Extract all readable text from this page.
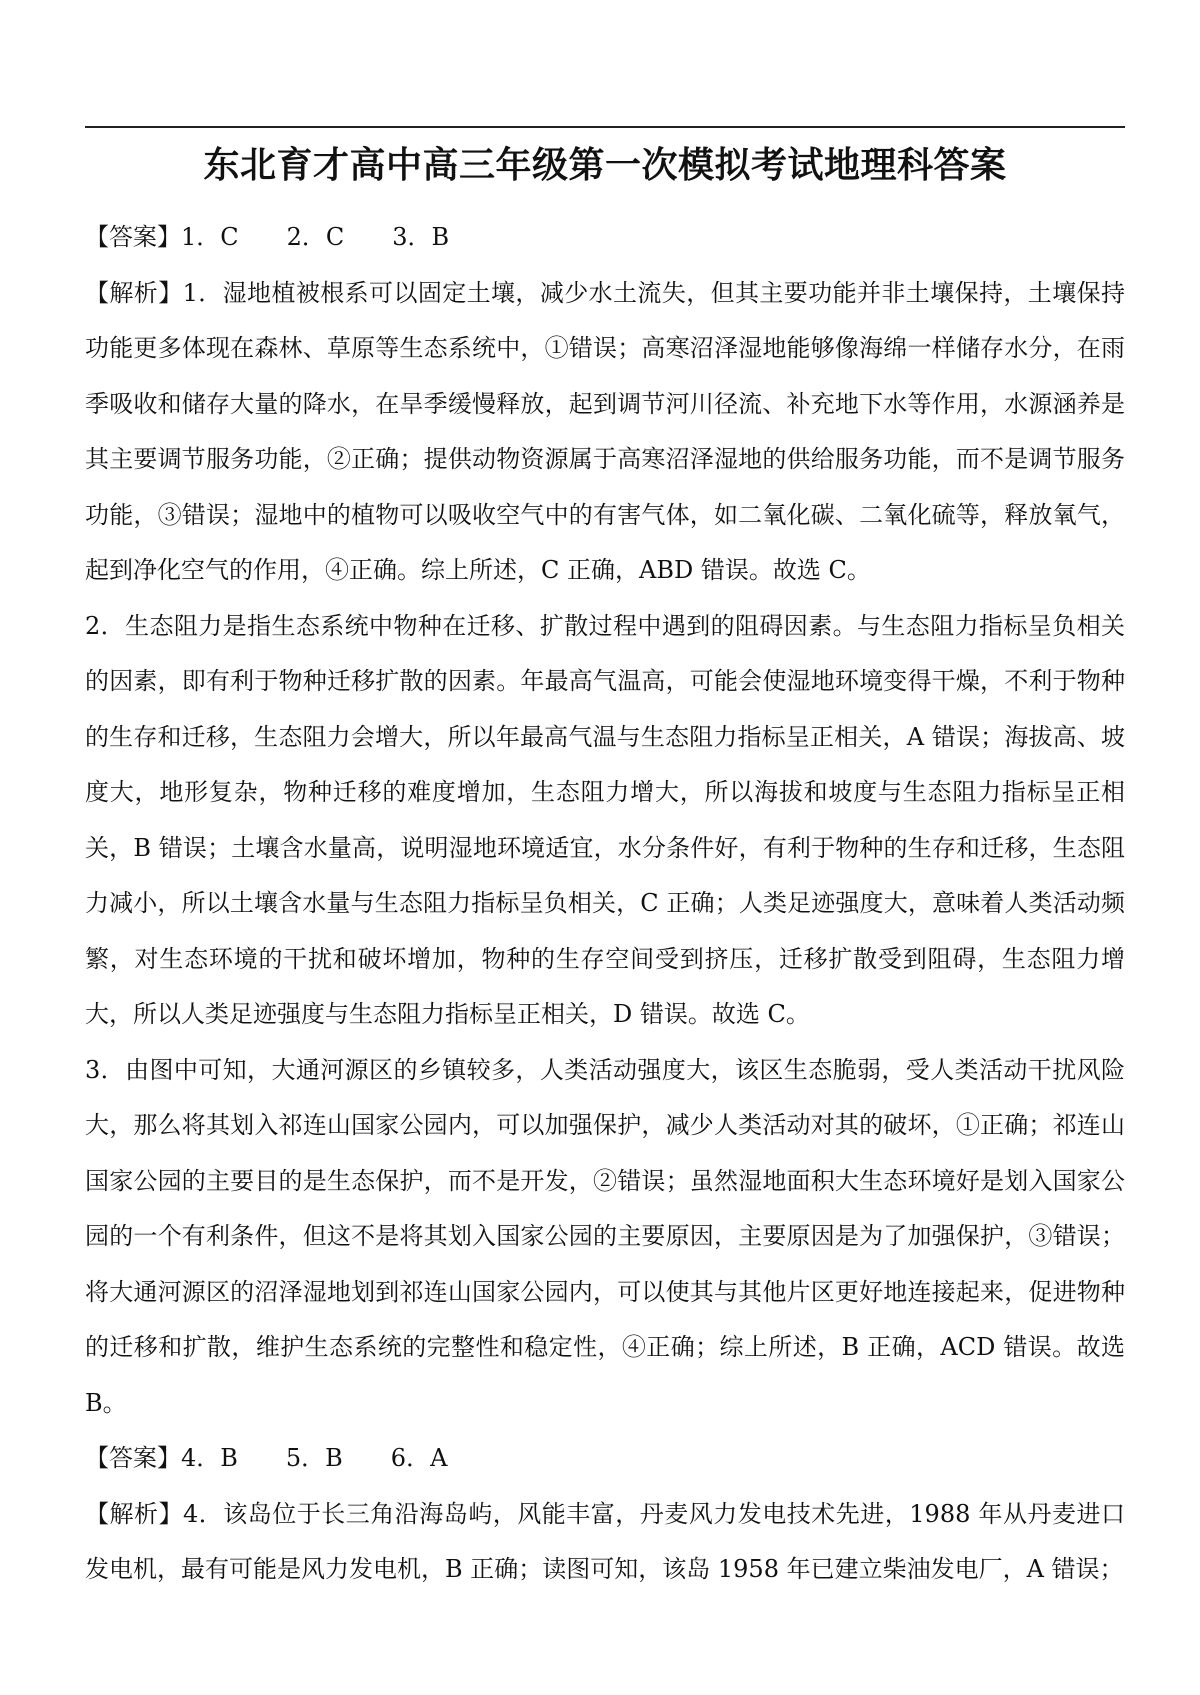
东北育才高中高三年级第一次模拟考试地理科答案

【答案】1．C　　2．C　　3．B

【解析】1．湿地植被根系可以固定土壤，减少水土流失，但其主要功能并非土壤保持，土壤保持功能更多体现在森林、草原等生态系统中，①错误；高寒沼泽湿地能够像海绵一样储存水分，在雨季吸收和储存大量的降水，在旱季缓慢释放，起到调节河川径流、补充地下水等作用，水源涵养是其主要调节服务功能，②正确；提供动物资源属于高寒沼泽湿地的供给服务功能，而不是调节服务功能，③错误；湿地中的植物可以吸收空气中的有害气体，如二氧化碳、二氧化硫等，释放氧气，起到净化空气的作用，④正确。综上所述，C 正确，ABD 错误。故选 C。

2．生态阻力是指生态系统中物种在迁移、扩散过程中遇到的阻碍因素。与生态阻力指标呈负相关的因素，即有利于物种迁移扩散的因素。年最高气温高，可能会使湿地环境变得干燥，不利于物种的生存和迁移，生态阻力会增大，所以年最高气温与生态阻力指标呈正相关，A 错误；海拔高、坡度大，地形复杂，物种迁移的难度增加，生态阻力增大，所以海拔和坡度与生态阻力指标呈正相关，B 错误；土壤含水量高，说明湿地环境适宜，水分条件好，有利于物种的生存和迁移，生态阻力减小，所以土壤含水量与生态阻力指标呈负相关，C 正确；人类足迹强度大，意味着人类活动频繁，对生态环境的干扰和破坏增加，物种的生存空间受到挤压，迁移扩散受到阻碍，生态阻力增大，所以人类足迹强度与生态阻力指标呈正相关，D 错误。故选 C。

3．由图中可知，大通河源区的乡镇较多，人类活动强度大，该区生态脆弱，受人类活动干扰风险大，那么将其划入祁连山国家公园内，可以加强保护，减少人类活动对其的破坏，①正确；祁连山国家公园的主要目的是生态保护，而不是开发，②错误；虽然湿地面积大生态环境好是划入国家公园的一个有利条件，但这不是将其划入国家公园的主要原因，主要原因是为了加强保护，③错误；将大通河源区的沼泽湿地划到祁连山国家公园内，可以使其与其他片区更好地连接起来，促进物种的迁移和扩散，维护生态系统的完整性和稳定性，④正确；综上所述，B 正确，ACD 错误。故选 B。

【答案】4．B　　5．B　　6．A

【解析】4．该岛位于长三角沿海岛屿，风能丰富，丹麦风力发电技术先进，1988 年从丹麦进口发电机，最有可能是风力发电机，B 正确；读图可知，该岛 1958 年已建立柴油发电厂，A 错误；
